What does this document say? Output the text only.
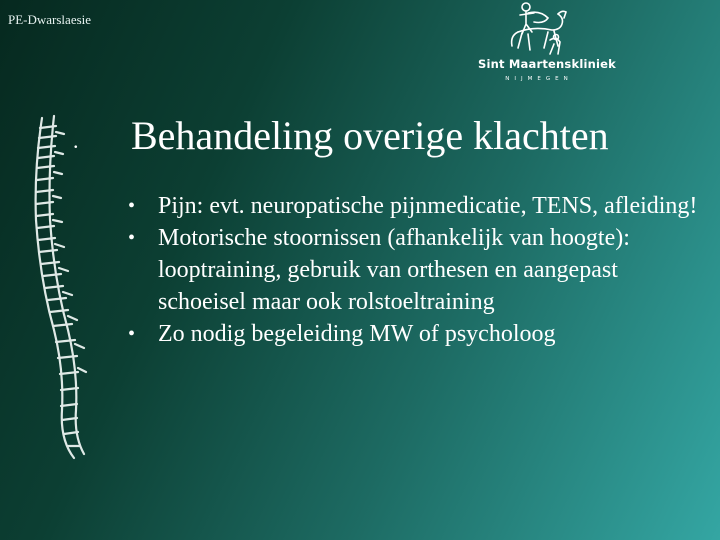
PE-Dwarslaesie
Sint Maartenskliniek
NIJMEGEN
. Behandeling overige klachten
• Pijn: evt. neuropatische pijnmedicatie, TENS, afleiding!
• Motorische stoornissen (afhankelijk van hoogte): looptraining, gebruik van orthesen en aangepast schoeisel maar ook rolstoeltraining
• Zo nodig begeleiding MW of psycholoog
